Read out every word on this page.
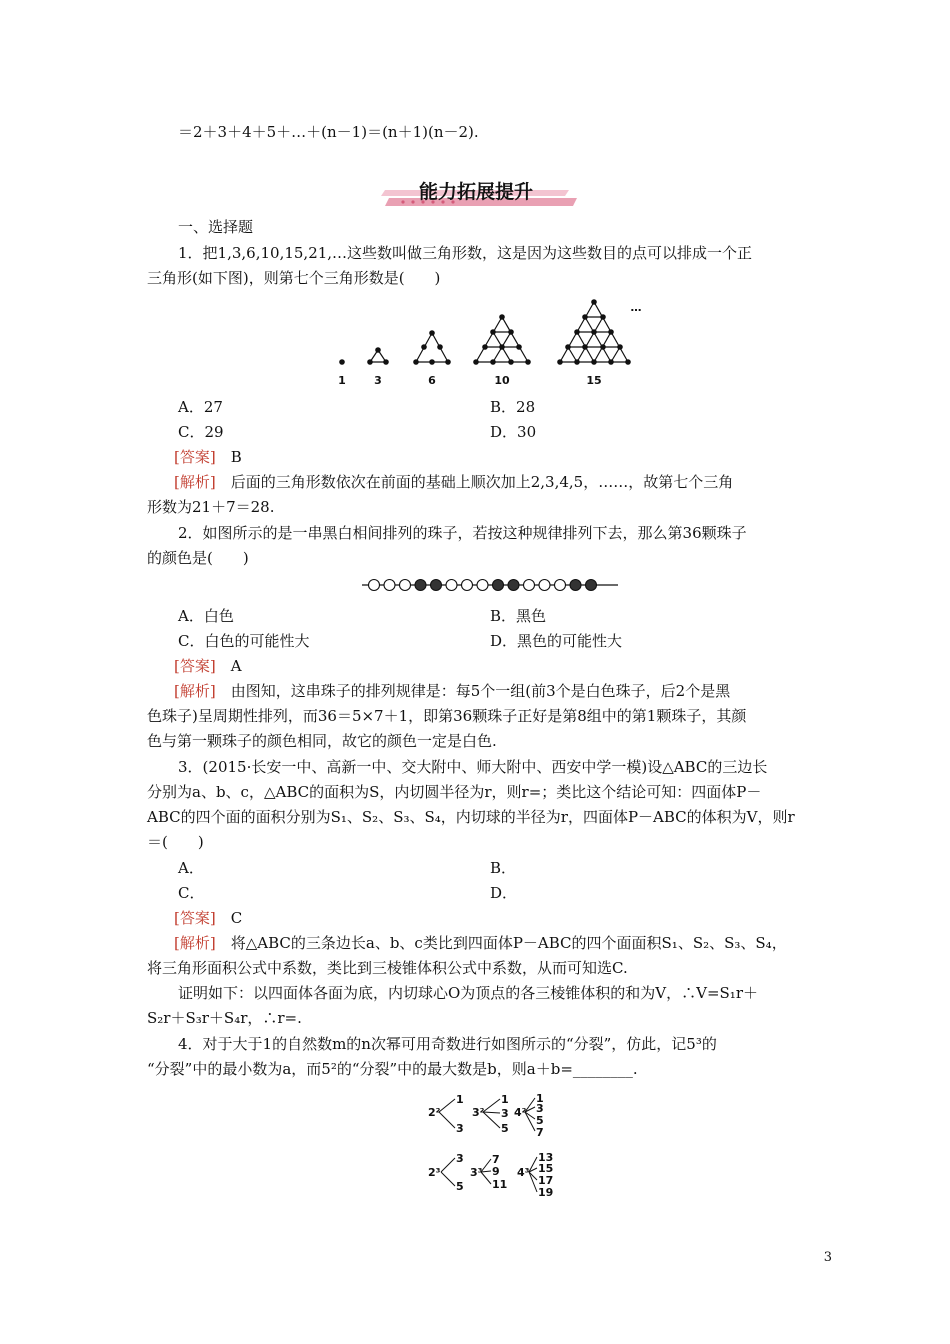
＝2＋3＋4＋5＋…＋(n－1)＝(n＋1)(n－2).
能力拓展提升
一、选择题
1．把1,3,6,10,15,21,…这些数叫做三角形数，这是因为这些数目的点可以排成一个正
三角形(如下图)，则第七个三角形数是(　　)
1	3	6	10	15
…
A．27	B．28
C．29	D．30
[答案]　 B
[解析]　 后面的三角形数依次在前面的基础上顺次加上2,3,4,5，……，故第七个三角
形数为21＋7＝28.
2．如图所示的是一串黑白相间排列的珠子，若按这种规律排列下去，那么第36颗珠子
的颜色是(　　)
A．白色	B．黑色
C．白色的可能性大	D．黑色的可能性大
[答案]　 A
[解析]　 由图知，这串珠子的排列规律是：每5个一组(前3个是白色珠子，后2个是黑
色珠子)呈周期性排列，而36＝5×7＋1，即第36颗珠子正好是第8组中的第1颗珠子，其颜
色与第一颗珠子的颜色相同，故它的颜色一定是白色.
3．(2015·长安一中、高新一中、交大附中、师大附中、西安中学一模)设△ABC的三边长
分别为a、b、c，△ABC的面积为S，内切圆半径为r，则r=；类比这个结论可知：四面体P－
ABC的四个面的面积分别为S₁、S₂、S₃、S₄，内切球的半径为r，四面体P－ABC的体积为V，则r
＝(　　)
A．	B．
C．	D．
[答案]　 C
[解析]　 将△ABC的三条边长a、b、c类比到四面体P－ABC的四个面面积S₁、S₂、S₃、S₄，
将三角形面积公式中系数，类比到三棱锥体积公式中系数，从而可知选C.
证明如下：以四面体各面为底，内切球心O为顶点的各三棱锥体积的和为V，∴V=S₁r＋
S₂r＋S₃r＋S₄r，∴r=.
4．对于大于1的自然数m的n次幂可用奇数进行如图所示的“分裂”，仿此，记5³的
“分裂”中的最小数为a，而5²的“分裂”中的最大数是b，则a＋b=________.
2²	3²	4²
2³	3³	4³
1
3
1
3
5
1
3
5
7
3
5
7
9
11
13
15
17
19
3
